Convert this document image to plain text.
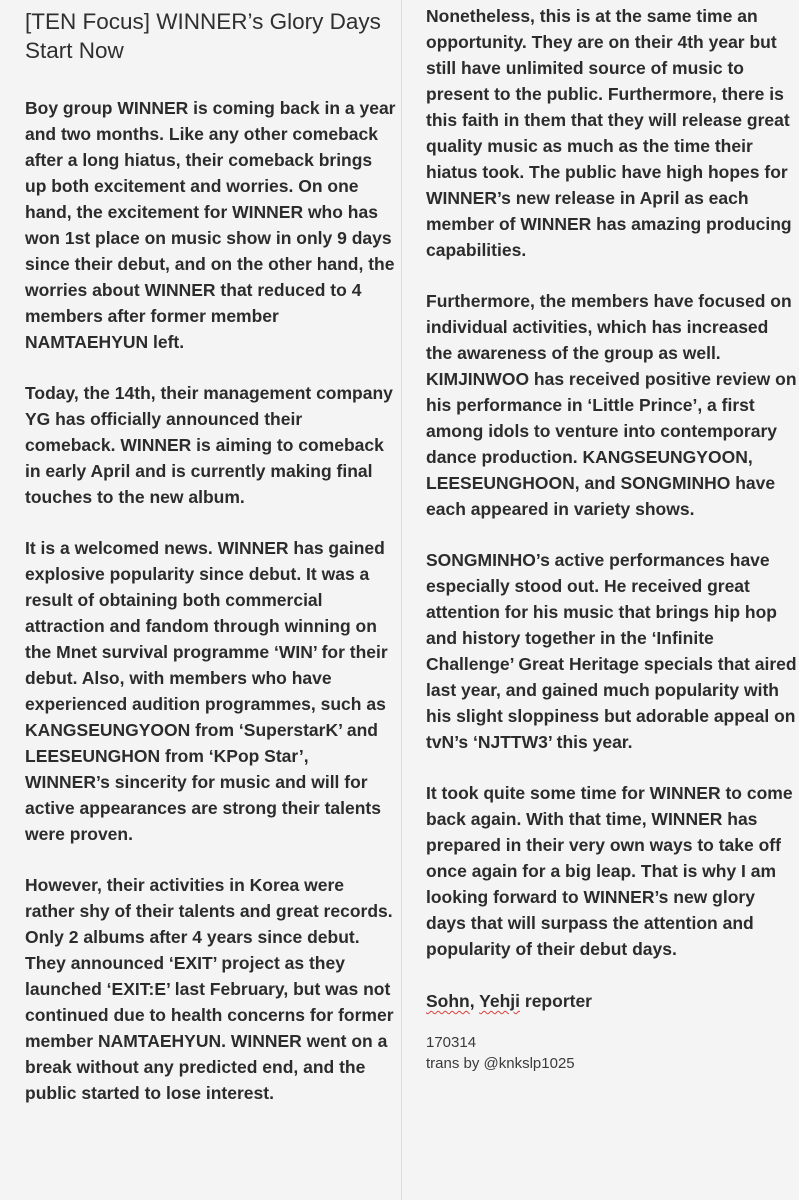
[TEN Focus] WINNER’s Glory Days Start Now

Boy group WINNER is coming back in a year and two months. Like any other comeback after a long hiatus, their comeback brings up both excitement and worries. On one hand, the excitement for WINNER who has won 1st place on music show in only 9 days since their debut, and on the other hand, the worries about WINNER that reduced to 4 members after former member NAMTAEHYUN left.

Today, the 14th, their management company YG has officially announced their comeback. WINNER is aiming to comeback in early April and is currently making final touches to the new album.

It is a welcomed news. WINNER has gained explosive popularity since debut. It was a result of obtaining both commercial attraction and fandom through winning on the Mnet survival programme ‘WIN’ for their debut. Also, with members who have experienced audition programmes, such as KANGSEUNGYOON from ‘SuperstarK’ and LEESEUNGHON from ‘KPop Star’, WINNER’s sincerity for music and will for active appearances are strong their talents were proven.

However, their activities in Korea were rather shy of their talents and great records. Only 2 albums after 4 years since debut. They announced ‘EXIT’ project as they launched ‘EXIT:E’ last February, but was not continued due to health concerns for former member NAMTAEHYUN. WINNER went on a break without any predicted end, and the public started to lose interest.

Nonetheless, this is at the same time an opportunity. They are on their 4th year but still have unlimited source of music to present to the public. Furthermore, there is this faith in them that they will release great quality music as much as the time their hiatus took. The public have high hopes for WINNER’s new release in April as each member of WINNER has amazing producing capabilities.

Furthermore, the members have focused on individual activities, which has increased the awareness of the group as well. KIMJINWOO has received positive review on his performance in ‘Little Prince’, a first among idols to venture into contemporary dance production. KANGSEUNGYOON, LEESEUNGHOON, and SONGMINHO have each appeared in variety shows.

SONGMINHO’s active performances have especially stood out. He received great attention for his music that brings hip hop and history together in the ‘Infinite Challenge’ Great Heritage specials that aired last year, and gained much popularity with his slight sloppiness but adorable appeal on tvN’s ‘NJTTW3’ this year.

It took quite some time for WINNER to come back again. With that time, WINNER has prepared in their very own ways to take off once again for a big leap. That is why I am looking forward to WINNER’s new glory days that will surpass the attention and popularity of their debut days.

Sohn, Yehji reporter
170314
trans by @knkslp1025
